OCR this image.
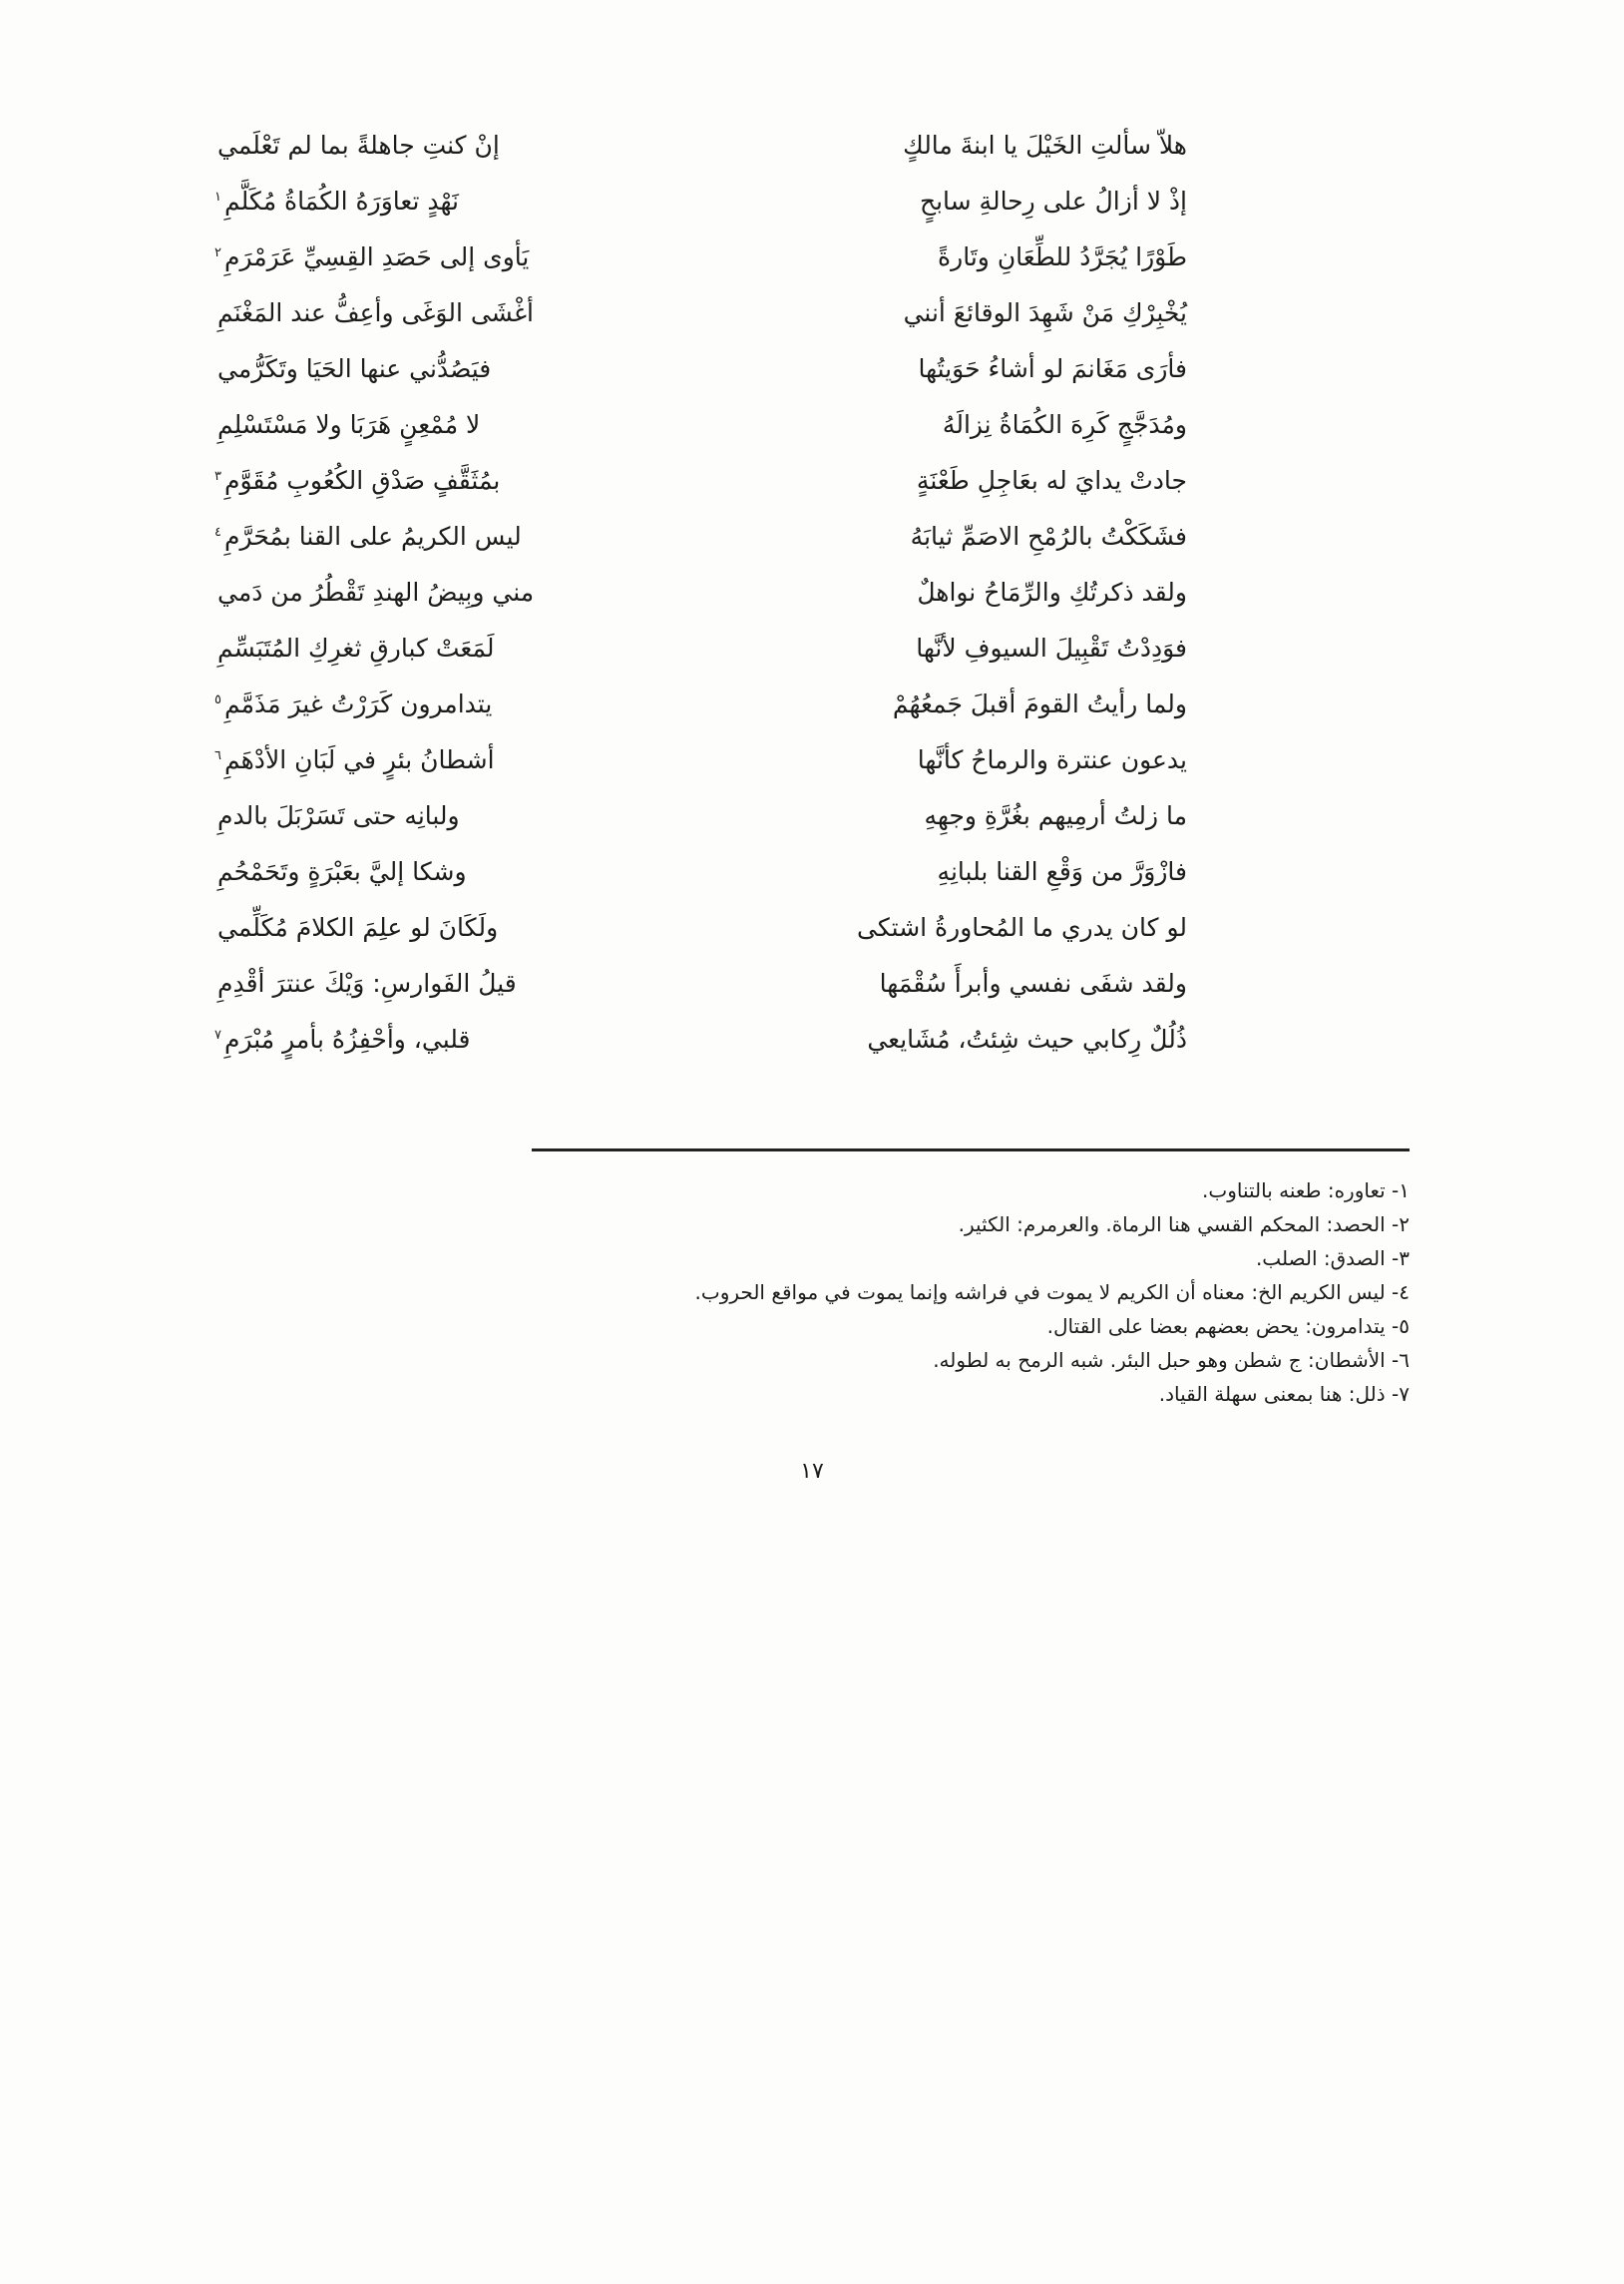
هلاّ سألتِ الخَيْلَ يا ابنةَ مالكٍ
إنْ كنتِ جاهلةً بما لم تَعْلَمي
إذْ لا أزالُ على رِحالةِ سابحٍ
نَهْدٍ تعاوَرَهُ الكُمَاةُ مُكَلَّمِ$^١$
طَوْرًا يُجَرَّدُ للطِّعَانِ وتَارةً
يَأوى إلى حَصَدِ القِسِيِّ عَرَمْرَمِ$^٢$
يُخْبِرْكِ مَنْ شَهِدَ الوقائعَ أنني
أغْشَى الوَغَى وأعِفُّ عند المَغْنَمِ
فأرَى مَغَانمَ لو أشاءُ حَوَيتُها
فيَصُدُّني عنها الحَيَا وتَكَرُّمي
ومُدَجَّجٍ كَرِهَ الكُمَاةُ نِزالَهُ
لا مُمْعِنٍ هَرَبَا ولا مَسْتَسْلِمِ
جادتْ يدايَ له بعَاجِلِ طَعْنَةٍ
بمُثَقَّفٍ صَدْقِ الكُعُوبِ مُقَوَّمِ$^٣$
فشَكَكْتُ بالرُمْحِ الاصَمِّ ثيابَهُ
ليس الكريمُ على القنا بمُحَرَّمِ$^٤$
ولقد ذكرتُكِ والرِّمَاحُ نواهلٌ
مني وبِيضُ الهندِ تَقْطُرُ من دَمي
فوَدِدْتُ تَقْبِيلَ السيوفِ لأنَّها
لَمَعَتْ كبارقِ ثغرِكِ المُتَبَسِّمِ
ولما رأيتُ القومَ أقبلَ جَمعُهُمْ
يتدامرون كَرَرْتُ غيرَ مَذَمَّمِ$^٥$
يدعون عنترة والرماحُ كأنَّها
أشطانُ بئرٍ في لَبَانِ الأدْهَمِ$^٦$
ما زلتُ أرمِيهم بغُرَّةِ وجهِهِ
ولبانِه حتى تَسَرْبَلَ بالدمِ
فازْوَرَّ من وَقْعِ القنا بلبانِهِ
وشكا إليَّ بعَبْرَةٍ وتَحَمْحُمِ
لو كان يدري ما المُحاورةُ اشتكى
ولَكَانَ لو علِمَ الكلامَ مُكَلِّمي
ولقد شفَى نفسي وأبرأَ سُقْمَها
قيلُ الفَوارسِ: وَيْكَ عنترَ أقْدِمِ
ذُلُلٌ رِكابي حيث شِئتُ، مُشَايعي
قلبي، وأحْفِزُهُ بأمرٍ مُبْرَمِ$^٧$
١- تعاوره: طعنه بالتناوب.
٢- الحصد: المحكم القسي هنا الرماة. والعرمرم: الكثير.
٣- الصدق: الصلب.
٤- ليس الكريم الخ: معناه أن الكريم لا يموت في فراشه وإنما يموت في مواقع الحروب.
٥- يتدامرون: يحض بعضهم بعضا على القتال.
٦- الأشطان: ج شطن وهو حبل البئر. شبه الرمح به لطوله.
٧- ذلل: هنا بمعنى سهلة القياد.
١٧
